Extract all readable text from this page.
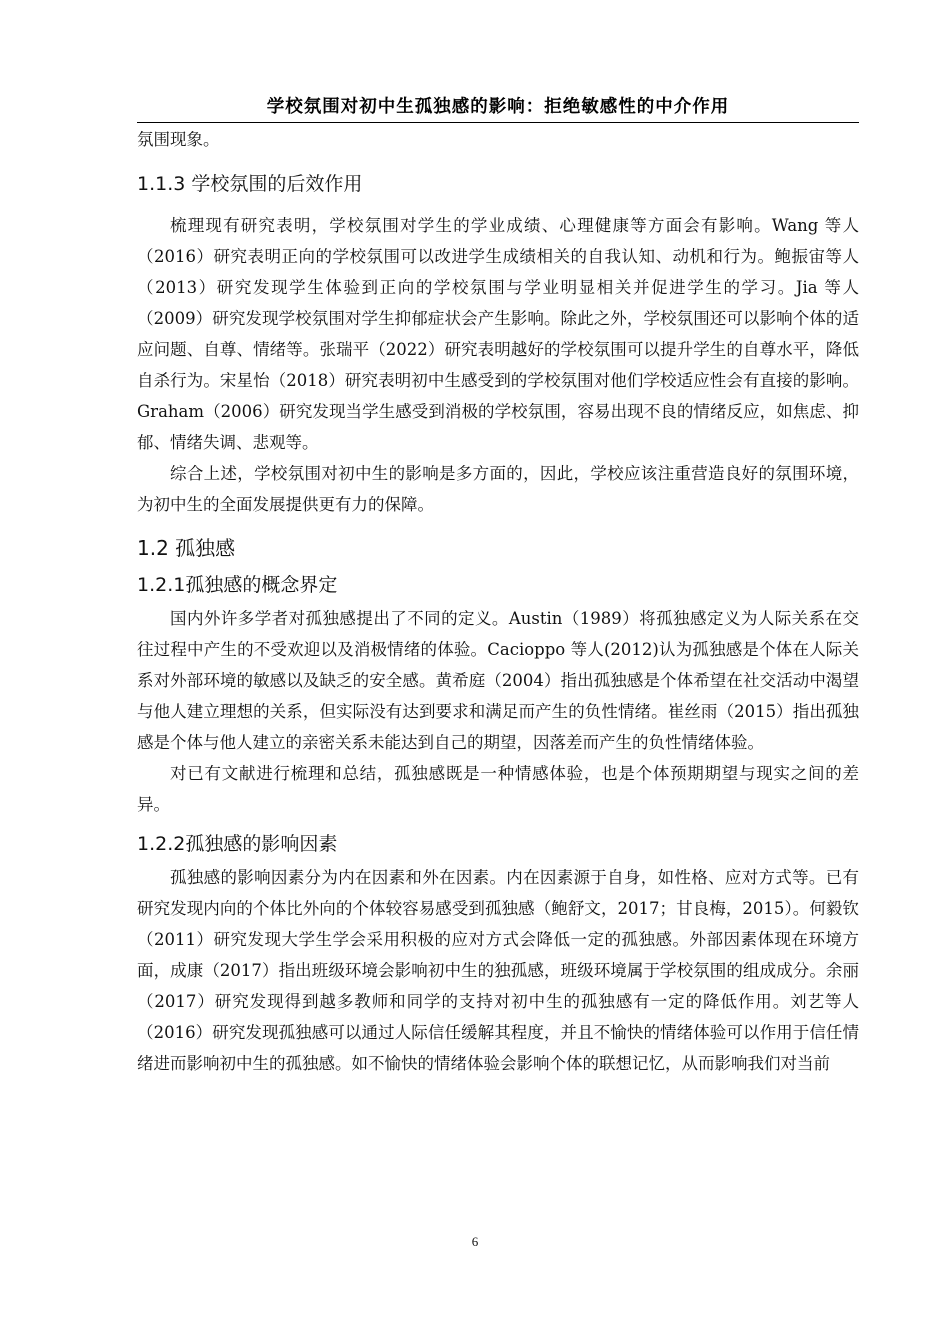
学校氛围对初中生孤独感的影响：拒绝敏感性的中介作用

氛围现象。

1.1.3 学校氛围的后效作用

梳理现有研究表明，学校氛围对学生的学业成绩、心理健康等方面会有影响。Wang 等人（2016）研究表明正向的学校氛围可以改进学生成绩相关的自我认知、动机和行为。鲍振宙等人（2013）研究发现学生体验到正向的学校氛围与学业明显相关并促进学生的学习。Jia 等人（2009）研究发现学校氛围对学生抑郁症状会产生影响。除此之外，学校氛围还可以影响个体的适应问题、自尊、情绪等。张瑞平（2022）研究表明越好的学校氛围可以提升学生的自尊水平，降低自杀行为。宋星怡（2018）研究表明初中生感受到的学校氛围对他们学校适应性会有直接的影响。Graham（2006）研究发现当学生感受到消极的学校氛围，容易出现不良的情绪反应，如焦虑、抑郁、情绪失调、悲观等。

综合上述，学校氛围对初中生的影响是多方面的，因此，学校应该注重营造良好的氛围环境，为初中生的全面发展提供更有力的保障。

1.2 孤独感
1.2.1孤独感的概念界定

国内外许多学者对孤独感提出了不同的定义。Austin（1989）将孤独感定义为人际关系在交往过程中产生的不受欢迎以及消极情绪的体验。Cacioppo 等人(2012)认为孤独感是个体在人际关系对外部环境的敏感以及缺乏的安全感。黄希庭（2004）指出孤独感是个体希望在社交活动中渴望与他人建立理想的关系，但实际没有达到要求和满足而产生的负性情绪。崔丝雨（2015）指出孤独感是个体与他人建立的亲密关系未能达到自己的期望，因落差而产生的负性情绪体验。

对已有文献进行梳理和总结，孤独感既是一种情感体验，也是个体预期期望与现实之间的差异。

1.2.2孤独感的影响因素

孤独感的影响因素分为内在因素和外在因素。内在因素源于自身，如性格、应对方式等。已有研究发现内向的个体比外向的个体较容易感受到孤独感（鲍舒文，2017；甘良梅，2015）。何毅钦（2011）研究发现大学生学会采用积极的应对方式会降低一定的孤独感。外部因素体现在环境方面，成康（2017）指出班级环境会影响初中生的独孤感，班级环境属于学校氛围的组成成分。余丽（2017）研究发现得到越多教师和同学的支持对初中生的孤独感有一定的降低作用。刘艺等人（2016）研究发现孤独感可以通过人际信任缓解其程度，并且不愉快的情绪体验可以作用于信任情绪进而影响初中生的孤独感。如不愉快的情绪体验会影响个体的联想记忆，从而影响我们对当前

6
